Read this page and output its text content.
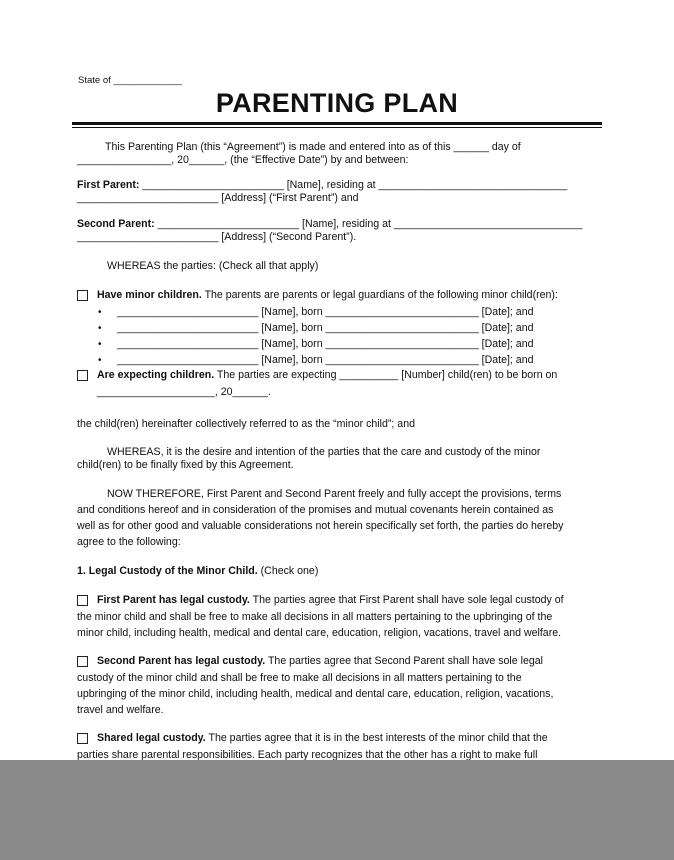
State of _____________
PARENTING PLAN
This Parenting Plan (this “Agreement”) is made and entered into as of this ______ day of
________________, 20______, (the “Effective Date”) by and between:
First Parent: ________________________ [Name], residing at ________________________________
________________________ [Address] (“First Parent”) and
Second Parent: ________________________ [Name], residing at ________________________________
________________________ [Address] (“Second Parent”).
WHEREAS the parties: (Check all that apply)
Have minor children. The parents are parents or legal guardians of the following minor child(ren):
• ________________________ [Name], born __________________________ [Date]; and
• ________________________ [Name], born __________________________ [Date]; and
• ________________________ [Name], born __________________________ [Date]; and
• ________________________ [Name], born __________________________ [Date]; and
Are expecting children. The parties are expecting __________ [Number] child(ren) to be born on
____________________, 20______.
the child(ren) hereinafter collectively referred to as the “minor child”; and
WHEREAS, it is the desire and intention of the parties that the care and custody of the minor
child(ren) to be finally fixed by this Agreement.
NOW THEREFORE, First Parent and Second Parent freely and fully accept the provisions, terms
and conditions hereof and in consideration of the promises and mutual covenants herein contained as
well as for other good and valuable considerations not herein specifically set forth, the parties do hereby
agree to the following:
1. Legal Custody of the Minor Child. (Check one)
First Parent has legal custody. The parties agree that First Parent shall have sole legal custody of
the minor child and shall be free to make all decisions in all matters pertaining to the upbringing of the
minor child, including health, medical and dental care, education, religion, vacations, travel and welfare.
Second Parent has legal custody. The parties agree that Second Parent shall have sole legal
custody of the minor child and shall be free to make all decisions in all matters pertaining to the
upbringing of the minor child, including health, medical and dental care, education, religion, vacations,
travel and welfare.
Shared legal custody. The parties agree that it is in the best interests of the minor child that the
parties share parental responsibilities. Each party recognizes that the other has a right to make full
